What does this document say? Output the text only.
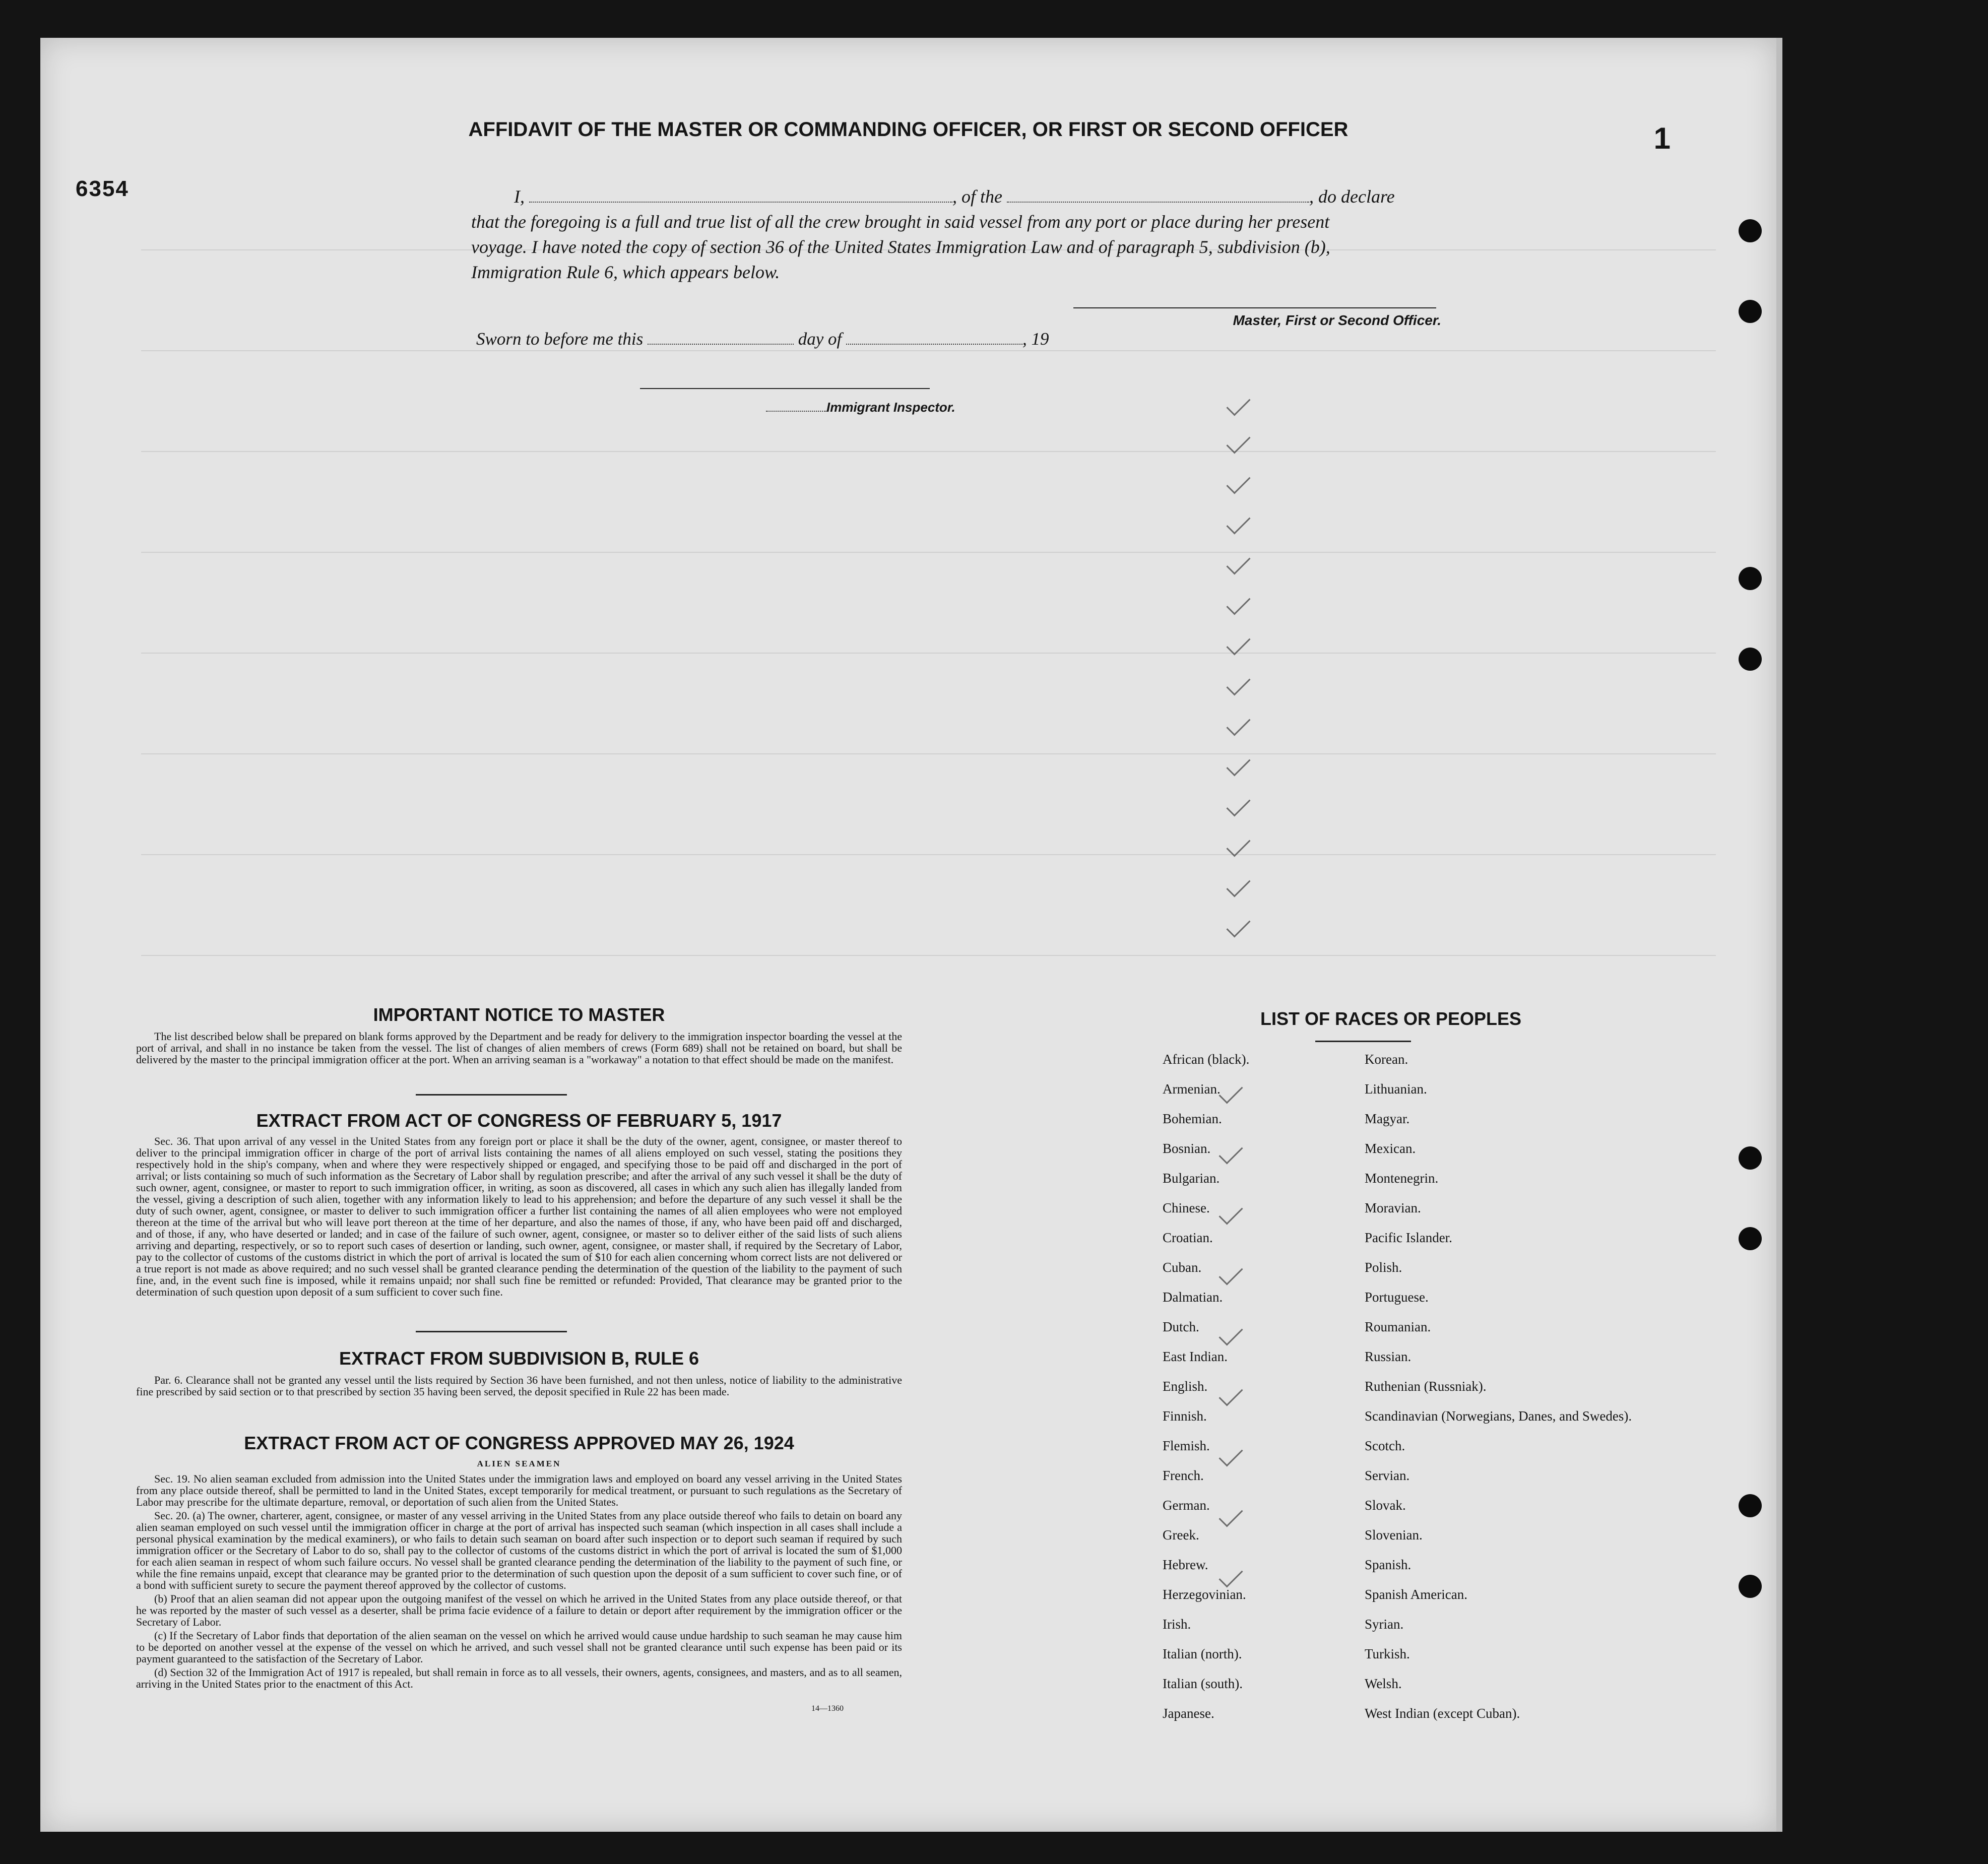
6354
1
AFFIDAVIT OF THE MASTER OR COMMANDING OFFICER, OR FIRST OR SECOND OFFICER

I,	, of the	, do declare

that the foregoing is a full and true list of all the crew brought in said vessel from any port or place during her present

voyage. I have noted the copy of section 36 of the United States Immigration Law and of paragraph 5, subdivision (b),

Immigration Rule 6, which appears below.

Master, First or Second Officer.
Sworn to before me this	day of	, 19
Immigrant Inspector.
IMPORTANT NOTICE TO MASTER

The list described below shall be prepared on blank forms approved by the Department and be ready for delivery to the immigration inspector boarding the vessel at the port of arrival, and shall in no instance be taken from the vessel. The list of changes of alien members of crews (Form 689) shall not be retained on board, but shall be delivered by the master to the principal immigration officer at the port. When an arriving seaman is a "workaway" a notation to that effect should be made on the manifest.

EXTRACT FROM ACT OF CONGRESS OF FEBRUARY 5, 1917

Sec. 36. That upon arrival of any vessel in the United States from any foreign port or place it shall be the duty of the owner, agent, consignee, or master thereof to deliver to the principal immigration officer in charge of the port of arrival lists containing the names of all aliens employed on such vessel, stating the positions they respectively hold in the ship's company, when and where they were respectively shipped or engaged, and specifying those to be paid off and discharged in the port of arrival; or lists containing so much of such information as the Secretary of Labor shall by regulation prescribe; and after the arrival of any such vessel it shall be the duty of such owner, agent, consignee, or master to report to such immigration officer, in writing, as soon as discovered, all cases in which any such alien has illegally landed from the vessel, giving a description of such alien, together with any information likely to lead to his apprehension; and before the departure of any such vessel it shall be the duty of such owner, agent, consignee, or master to deliver to such immigration officer a further list containing the names of all alien employees who were not employed thereon at the time of the arrival but who will leave port thereon at the time of her departure, and also the names of those, if any, who have been paid off and discharged, and of those, if any, who have deserted or landed; and in case of the failure of such owner, agent, consignee, or master so to deliver either of the said lists of such aliens arriving and departing, respectively, or so to report such cases of desertion or landing, such owner, agent, consignee, or master shall, if required by the Secretary of Labor, pay to the collector of customs of the customs district in which the port of arrival is located the sum of $10 for each alien concerning whom correct lists are not delivered or a true report is not made as above required; and no such vessel shall be granted clearance pending the determination of the question of the liability to the payment of such fine, and, in the event such fine is imposed, while it remains unpaid; nor shall such fine be remitted or refunded: Provided, That clearance may be granted prior to the determination of such question upon deposit of a sum sufficient to cover such fine.

EXTRACT FROM SUBDIVISION B, RULE 6

Par. 6. Clearance shall not be granted any vessel until the lists required by Section 36 have been furnished, and not then unless, notice of liability to the administrative fine prescribed by said section or to that prescribed by section 35 having been served, the deposit specified in Rule 22 has been made.

EXTRACT FROM ACT OF CONGRESS APPROVED MAY 26, 1924
ALIEN SEAMEN

Sec. 19. No alien seaman excluded from admission into the United States under the immigration laws and employed on board any vessel arriving in the United States from any place outside thereof, shall be permitted to land in the United States, except temporarily for medical treatment, or pursuant to such regulations as the Secretary of Labor may prescribe for the ultimate departure, removal, or deportation of such alien from the United States.

Sec. 20. (a) The owner, charterer, agent, consignee, or master of any vessel arriving in the United States from any place outside thereof who fails to detain on board any alien seaman employed on such vessel until the immigration officer in charge at the port of arrival has inspected such seaman (which inspection in all cases shall include a personal physical examination by the medical examiners), or who fails to detain such seaman on board after such inspection or to deport such seaman if required by such immigration officer or the Secretary of Labor to do so, shall pay to the collector of customs of the customs district in which the port of arrival is located the sum of $1,000 for each alien seaman in respect of whom such failure occurs. No vessel shall be granted clearance pending the determination of the liability to the payment of such fine, or while the fine remains unpaid, except that clearance may be granted prior to the determination of such question upon the deposit of a sum sufficient to cover such fine, or of a bond with sufficient surety to secure the payment thereof approved by the collector of customs.

(b) Proof that an alien seaman did not appear upon the outgoing manifest of the vessel on which he arrived in the United States from any place outside thereof, or that he was reported by the master of such vessel as a deserter, shall be prima facie evidence of a failure to detain or deport after requirement by the immigration officer or the Secretary of Labor.

(c) If the Secretary of Labor finds that deportation of the alien seaman on the vessel on which he arrived would cause undue hardship to such seaman he may cause him to be deported on another vessel at the expense of the vessel on which he arrived, and such vessel shall not be granted clearance until such expense has been paid or its payment guaranteed to the satisfaction of the Secretary of Labor.

(d) Section 32 of the Immigration Act of 1917 is repealed, but shall remain in force as to all vessels, their owners, agents, consignees, and masters, and as to all seamen, arriving in the United States prior to the enactment of this Act.

14—1360
LIST OF RACES OR PEOPLES
African (black).
Armenian.
Bohemian.
Bosnian.
Bulgarian.
Chinese.
Croatian.
Cuban.
Dalmatian.
Dutch.
East Indian.
English.
Finnish.
Flemish.
French.
German.
Greek.
Hebrew.
Herzegovinian.
Irish.
Italian (north).
Italian (south).
Japanese.
Korean.
Lithuanian.
Magyar.
Mexican.
Montenegrin.
Moravian.
Pacific Islander.
Polish.
Portuguese.
Roumanian.
Russian.
Ruthenian (Russniak).
Scandinavian (Norwegians, Danes, and Swedes).
Scotch.
Servian.
Slovak.
Slovenian.
Spanish.
Spanish American.
Syrian.
Turkish.
Welsh.
West Indian (except Cuban).
